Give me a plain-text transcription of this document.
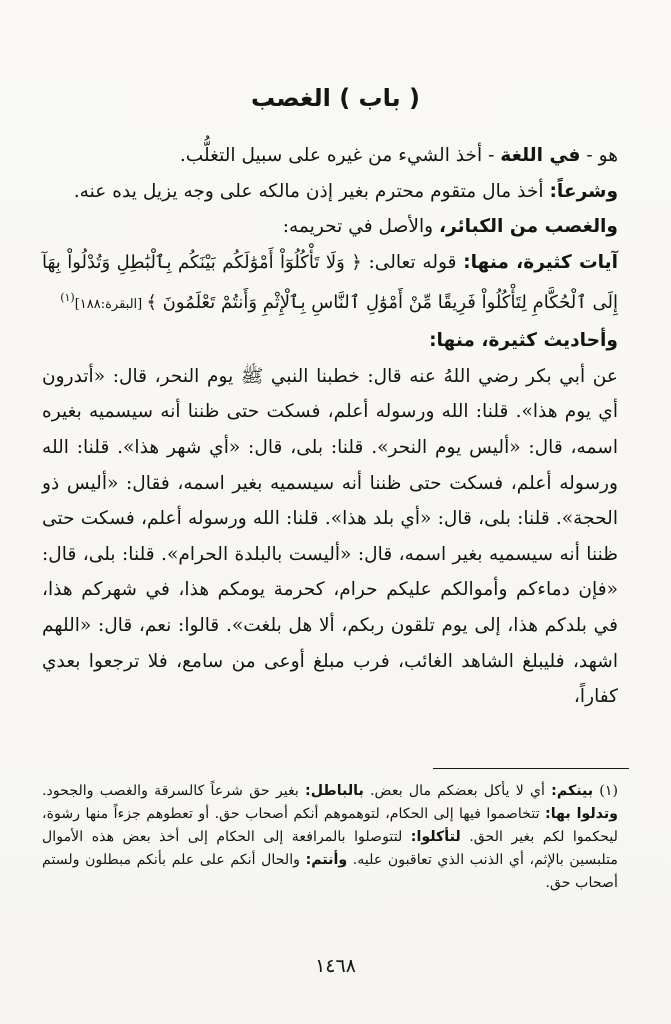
( باب ) الغصب

هو - في اللغة - أخذ الشيء من غيره على سبيل التغلُّب.

وشرعاً: أخذ مال متقوم محترم بغير إذن مالكه على وجه يزيل يده عنه.

والغصب من الكبائر، والأصل في تحريمه:

آيات كثيرة، منها: قوله تعالى: ﴿ وَلَا تَأْكُلُوٓاْ أَمْوَٰلَكُم بَيْنَكُم بِٱلْبَٰطِلِ وَتُدْلُواْ بِهَآ إِلَى ٱلْحُكَّامِ لِتَأْكُلُواْ فَرِيقًا مِّنْ أَمْوَٰلِ ٱلنَّاسِ بِٱلْإِثْمِ وَأَنتُمْ تَعْلَمُونَ ﴾ [البقرة:١٨٨]$^{(١)}$

وأحاديث كثيرة، منها:

عن أبي بكر رضي اللهُ عنه قال: خطبنا النبي ﷺ يوم النحر، قال: «أتدرون أي يوم هذا». قلنا: الله ورسوله أعلم، فسكت حتى ظننا أنه سيسميه بغيره اسمه، قال: «أليس يوم النحر». قلنا: بلى، قال: «أي شهر هذا». قلنا: الله ورسوله أعلم، فسكت حتى ظننا أنه سيسميه بغير اسمه، فقال: «أليس ذو الحجة». قلنا: بلى، قال: «أي بلد هذا». قلنا: الله ورسوله أعلم، فسكت حتى ظننا أنه سيسميه بغير اسمه، قال: «أليست بالبلدة الحرام». قلنا: بلى، قال: «فإن دماءكم وأموالكم عليكم حرام، كحرمة يومكم هذا، في شهركم هذا، في بلدكم هذا، إلى يوم تلقون ربكم، ألا هل بلغت». قالوا: نعم، قال: «اللهم اشهد، فليبلغ الشاهد الغائب، فرب مبلغ أوعى من سامع، فلا ترجعوا بعدي كفاراً،

(١) بينكم: أي لا يأكل بعضكم مال بعض. بالباطل: بغير حق شرعاً كالسرقة والغصب والجحود. وتدلوا بها: تتخاصموا فيها إلى الحكام، لتوهموهم أنكم أصحاب حق. أو تعطوهم جزءاً منها رشوة، ليحكموا لكم بغير الحق. لتأكلوا: لتتوصلوا بالمرافعة إلى الحكام إلى أخذ بعض هذه الأموال متلبسين بالإثم، أي الذنب الذي تعاقبون عليه. وأنتم: والحال أنكم على علم بأنكم مبطلون ولستم أصحاب حق.

١٤٦٨
